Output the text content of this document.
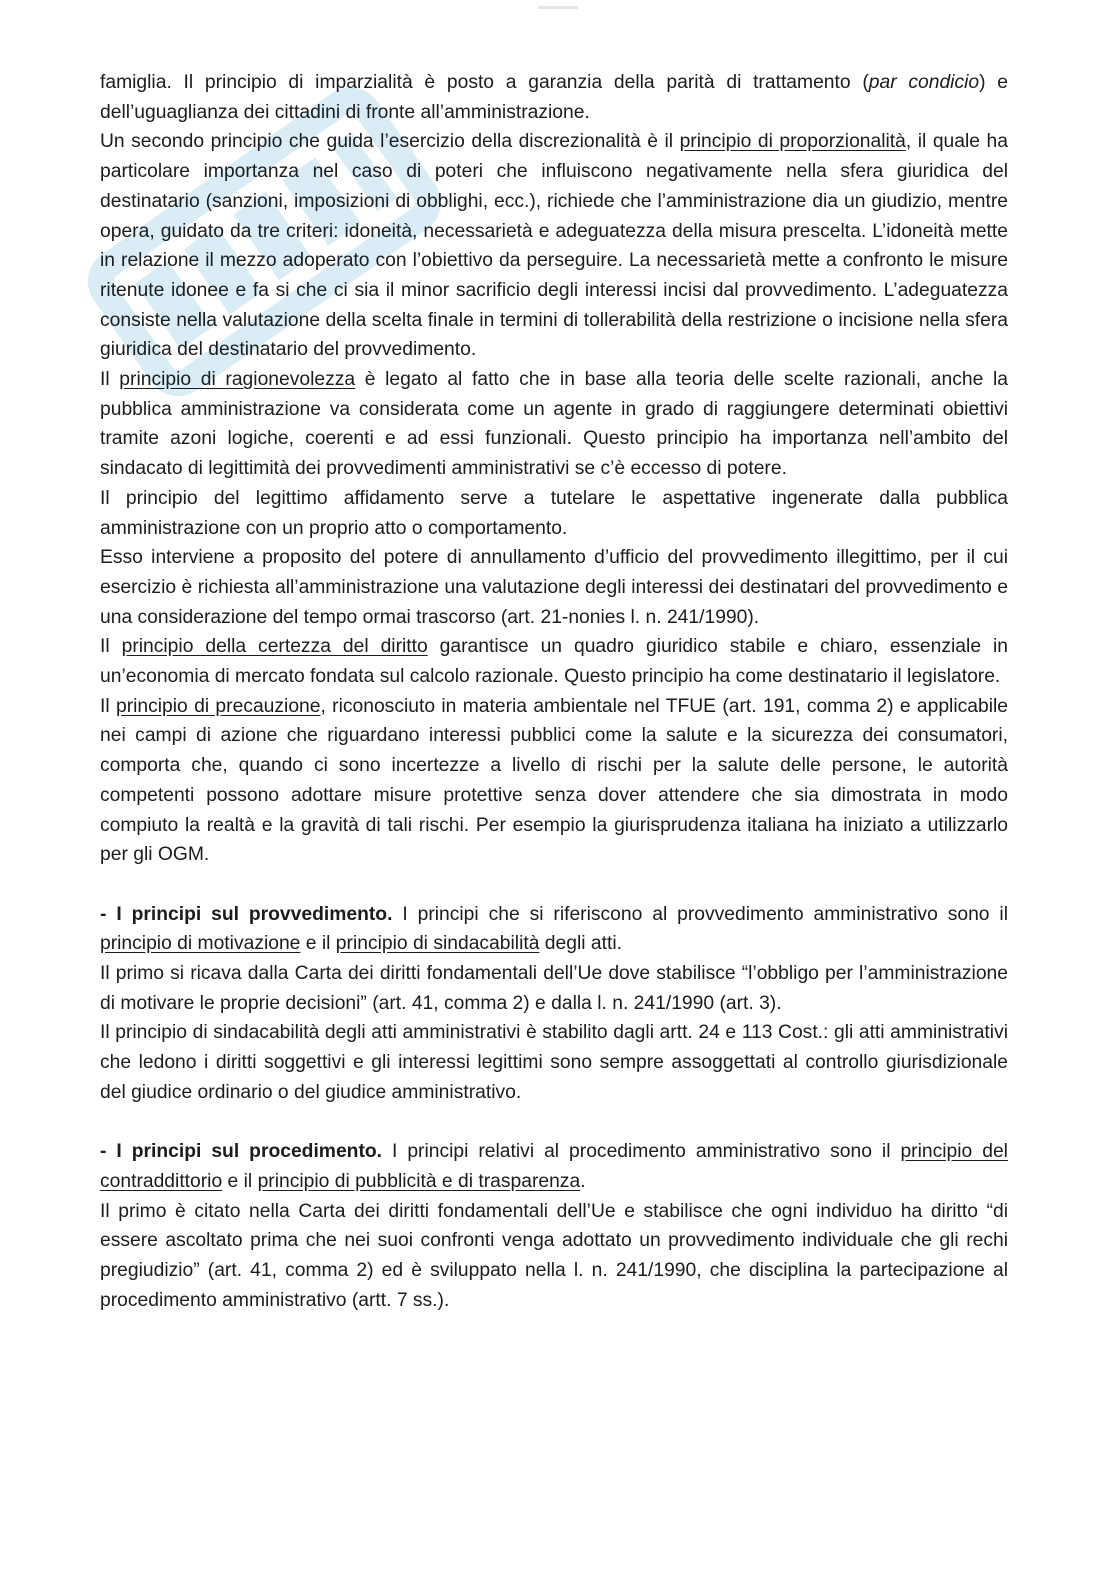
famiglia. Il principio di imparzialità è posto a garanzia della parità di trattamento (par condicio) e dell’uguaglianza dei cittadini di fronte all’amministrazione.

Un secondo principio che guida l’esercizio della discrezionalità è il principio di proporzionalità, il quale ha particolare importanza nel caso di poteri che influiscono negativamente nella sfera giuridica del destinatario (sanzioni, imposizioni di obblighi, ecc.), richiede che l’amministrazione dia un giudizio, mentre opera, guidato da tre criteri: idoneità, necessarietà e adeguatezza della misura prescelta. L’idoneità mette in relazione il mezzo adoperato con l’obiettivo da perseguire. La necessarietà mette a confronto le misure ritenute idonee e fa si che ci sia il minor sacrificio degli interessi incisi dal provvedimento. L’adeguatezza consiste nella valutazione della scelta finale in termini di tollerabilità della restrizione o incisione nella sfera giuridica del destinatario del provvedimento.

Il principio di ragionevolezza è legato al fatto che in base alla teoria delle scelte razionali, anche la pubblica amministrazione va considerata come un agente in grado di raggiungere determinati obiettivi tramite azoni logiche, coerenti e ad essi funzionali. Questo principio ha importanza nell’ambito del sindacato di legittimità dei provvedimenti amministrativi se c’è eccesso di potere.

Il principio del legittimo affidamento serve a tutelare le aspettative ingenerate dalla pubblica amministrazione con un proprio atto o comportamento.

Esso interviene a proposito del potere di annullamento d’ufficio del provvedimento illegittimo, per il cui esercizio è richiesta all’amministrazione una valutazione degli interessi dei destinatari del provvedimento e una considerazione del tempo ormai trascorso (art. 21-nonies l. n. 241/1990).

Il principio della certezza del diritto garantisce un quadro giuridico stabile e chiaro, essenziale in un’economia di mercato fondata sul calcolo razionale. Questo principio ha come destinatario il legislatore.

Il principio di precauzione, riconosciuto in materia ambientale nel TFUE (art. 191, comma 2) e applicabile nei campi di azione che riguardano interessi pubblici come la salute e la sicurezza dei consumatori, comporta che, quando ci sono incertezze a livello di rischi per la salute delle persone, le autorità competenti possono adottare misure protettive senza dover attendere che sia dimostrata in modo compiuto la realtà e la gravità di tali rischi. Per esempio la giurisprudenza italiana ha iniziato a utilizzarlo per gli OGM.

- I principi sul provvedimento. I principi che si riferiscono al provvedimento amministrativo sono il principio di motivazione e il principio di sindacabilità degli atti.

Il primo si ricava dalla Carta dei diritti fondamentali dell’Ue dove stabilisce “l’obbligo per l’amministrazione di motivare le proprie decisioni” (art. 41, comma 2) e dalla l. n. 241/1990 (art. 3).

Il principio di sindacabilità degli atti amministrativi è stabilito dagli artt. 24 e 113 Cost.: gli atti amministrativi che ledono i diritti soggettivi e gli interessi legittimi sono sempre assoggettati al controllo giurisdizionale del giudice ordinario o del giudice amministrativo.

- I principi sul procedimento. I principi relativi al procedimento amministrativo sono il principio del contraddittorio e il principio di pubblicità e di trasparenza.

Il primo è citato nella Carta dei diritti fondamentali dell’Ue e stabilisce che ogni individuo ha diritto “di essere ascoltato prima che nei suoi confronti venga adottato un provvedimento individuale che gli rechi pregiudizio” (art. 41, comma 2) ed è sviluppato nella l. n. 241/1990, che disciplina la partecipazione al procedimento amministrativo (artt. 7 ss.).
